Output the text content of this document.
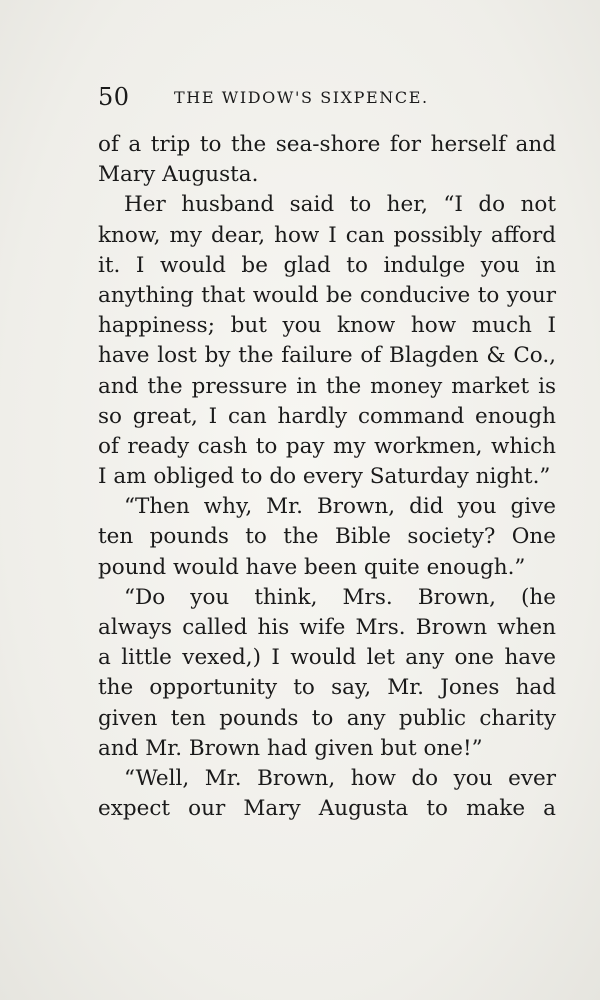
50	THE WIDOW'S SIXPENCE.
of a trip to the sea-shore for herself and
Mary Augusta.
Her husband said to her, “I do not
know, my dear, how I can possibly afford
it. I would be glad to indulge you in
anything that would be conducive to your
happiness; but you know how much I
have lost by the failure of Blagden & Co.,
and the pressure in the money market is
so great, I can hardly command enough
of ready cash to pay my workmen, which
I am obliged to do every Saturday night.”
“Then why, Mr. Brown, did you give
ten pounds to the Bible society? One
pound would have been quite enough.”
“Do you think, Mrs. Brown, (he
always called his wife Mrs. Brown when
a little vexed,) I would let any one have
the opportunity to say, Mr. Jones had
given ten pounds to any public charity
and Mr. Brown had given but one!”
“Well, Mr. Brown, how do you ever
expect our Mary Augusta to make a
